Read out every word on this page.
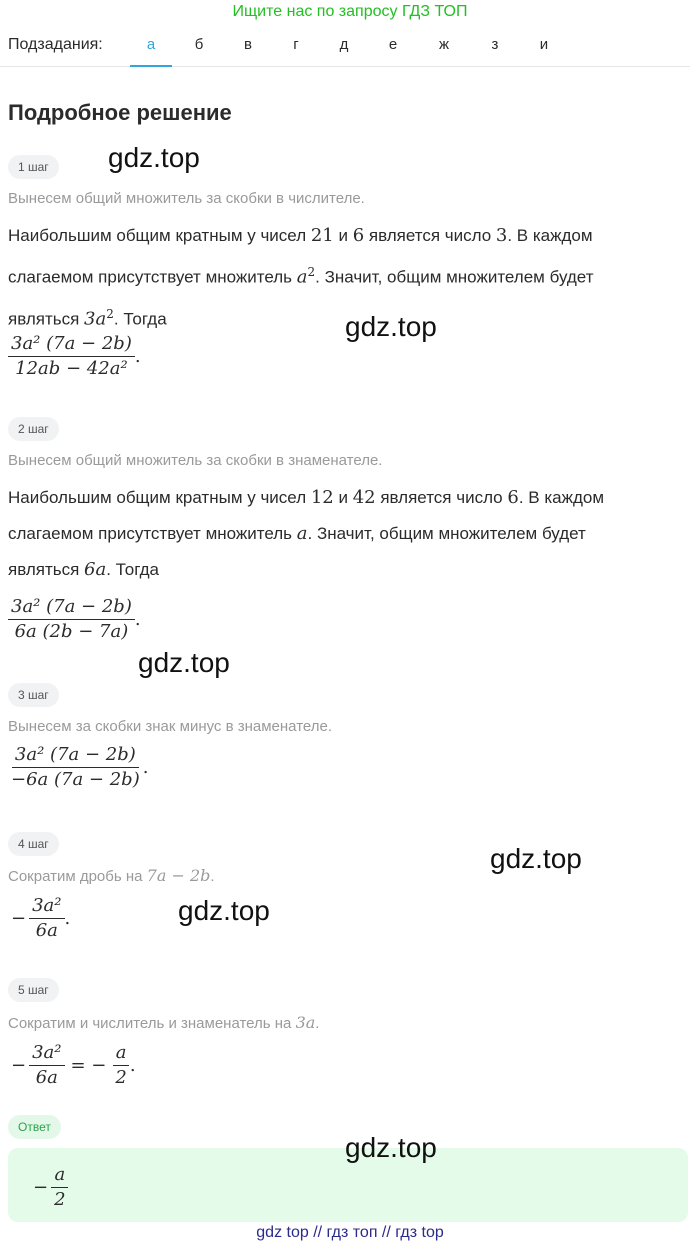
Ищите нас по запросу ГДЗ ТОП
Подзадания:	а	б	в	г	д	е	ж	з	и
Подробное решение
1 шаг
Вынесем общий множитель за скобки в числителе.
Наибольшим общим кратным у чисел 21 и 6 является число 3. В каждом
слагаемом присутствует множитель $a^2$. Значит, общим множителем будет
являться $3a^2$. Тогда
$\frac{\text{3a² (7a − 2b)}}{\text{12ab − 42a²}}$ .
2 шаг
Вынесем общий множитель за скобки в знаменателе.
Наибольшим общим кратным у чисел 12 и 42 является число 6. В каждом
слагаемом присутствует множитель a. Значит, общим множителем будет
являться 6a. Тогда
$\frac{\text{3a² (7a − 2b)}}{6a (2b - 7a)}$ .
3 шаг
Вынесем за скобки знак минус в знаменателе.
$\frac{\text{3a² (7a − 2b)}}{-6a (7a - 2b)}$ .
4 шаг
Сократим дробь на 7a − 2b.
− $\frac{\text{3a²}}{6a}$ .
5 шаг
Сократим и числитель и знаменатель на 3a.
− $\frac{\text{3a²}}{6a}$ = − $\frac{a}{2}$ .
Ответ
− $\frac{a}{2}$
gdz.top
gdz.top
gdz.top
gdz.top
gdz.top
gdz.top
gdz top // гдз топ // гдз top
